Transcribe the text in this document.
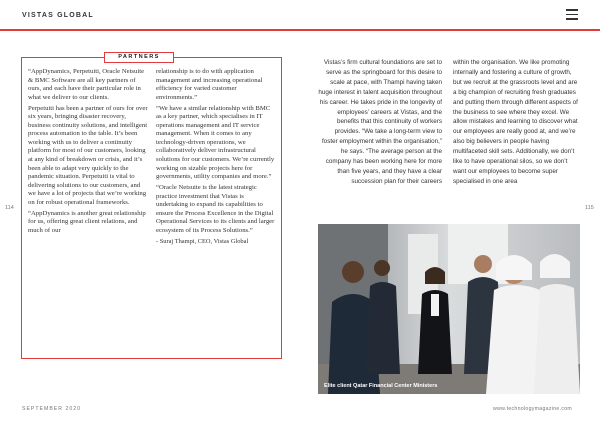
VISTAS GLOBAL
114	115
PARTNERS

“AppDynamics, Perpetuiti, Oracle Netsuite & BMC Software are all key partners of ours, and each have their particular role in what we deliver to our clients.

Perpetuiti has been a partner of ours for over six years, bringing disaster recovery, business continuity solutions, and intelligent process automation to the table. It’s been working with us to deliver a continuity platform for most of our customers, looking at any kind of breakdown or crisis, and it’s been able to adapt very quickly to the pandemic situation. Perpetuiti is vital to delivering solutions to our customers, and we have a lot of projects that we’re working on for robust operational frameworks.

“AppDynamics is another great relationship for us, offering great client relations, and much of our

relationship is to do with application management and increasing operational efficiency for varied customer environments.”

“We have a similar relationship with BMC as a key partner, which specialises in IT operations management and IT service management. When it comes to any technology-driven operations, we collaboratively deliver infrastructural solutions for our customers. We’re currently working on sizable projects here for governments, utility companies and more.”

“Oracle Netsuite is the latest strategic practice investment that Vistas is undertaking to expand its capabilities to ensure the Process Excellence in the Digital Operational Services to its clients and larger ecosystem of its Process Solutions.”

- Suraj Thampi, CEO, Vistas Global

Vistas’s firm cultural foundations are set to serve as the springboard for this desire to scale at pace, with Thampi having taken huge interest in talent acquisition throughout his career. He takes pride in the longevity of employees’ careers at Vistas, and the benefits that this continuity of workers provides. “We take a long-term view to foster employment within the organisation,” he says. “The average person at the company has been working here for more than five years, and they have a clear succession plan for their careers
within the organisation. We like promoting internally and fostering a culture of growth, but we recruit at the grassroots level and are a big champion of recruiting fresh graduates and putting them through different aspects of the business to see where they excel. We allow mistakes and learning to discover what our employees are really good at, and we’re also big believers in people having multifaceted skill sets. Additionally, we don’t like to have operational silos, so we don’t want our employees to become super specialised in one area
Elite client Qatar Financial Center Ministers
SEPTEMBER 2020	www.technologymagazine.com
